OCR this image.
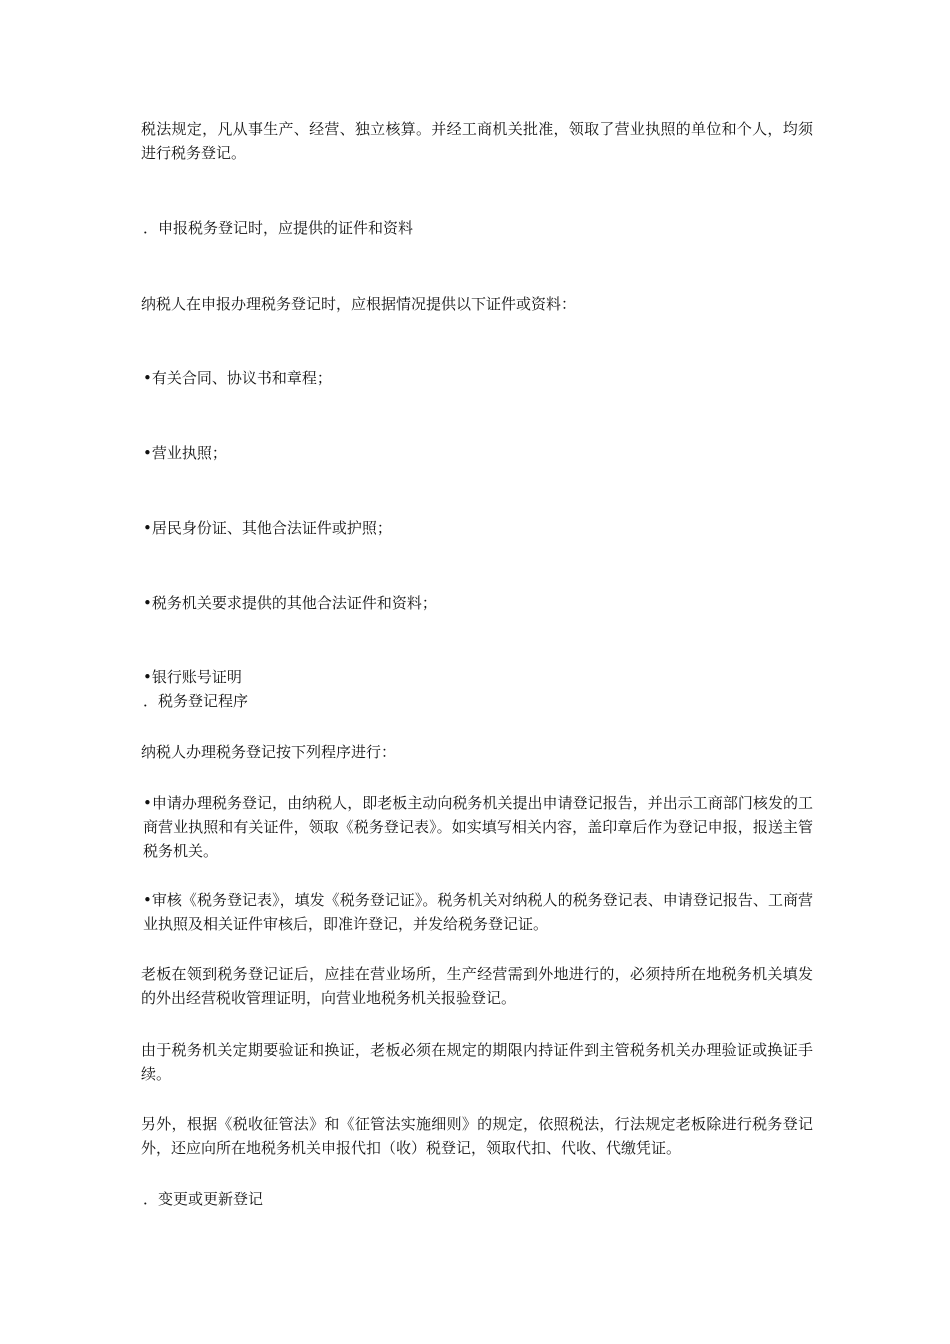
税法规定，凡从事生产、经营、独立核算。并经工商机关批准，领取了营业执照的单位和个人，均须进行税务登记。

．申报税务登记时，应提供的证件和资料

纳税人在申报办理税务登记时，应根据情况提供以下证件或资料：

•有关合同、协议书和章程；

•营业执照；

•居民身份证、其他合法证件或护照；

•税务机关要求提供的其他合法证件和资料；

•银行账号证明

．税务登记程序

纳税人办理税务登记按下列程序进行：

•申请办理税务登记，由纳税人，即老板主动向税务机关提出申请登记报告，并出示工商部门核发的工商营业执照和有关证件，领取《税务登记表》。如实填写相关内容，盖印章后作为登记申报，报送主管税务机关。

•审核《税务登记表》，填发《税务登记证》。税务机关对纳税人的税务登记表、申请登记报告、工商营业执照及相关证件审核后，即准许登记，并发给税务登记证。

老板在领到税务登记证后，应挂在营业场所，生产经营需到外地进行的，必须持所在地税务机关填发的外出经营税收管理证明，向营业地税务机关报验登记。

由于税务机关定期要验证和换证，老板必须在规定的期限内持证件到主管税务机关办理验证或换证手续。

另外，根据《税收征管法》和《征管法实施细则》的规定，依照税法，行法规定老板除进行税务登记外，还应向所在地税务机关申报代扣（收）税登记，领取代扣、代收、代缴凭证。

．变更或更新登记
